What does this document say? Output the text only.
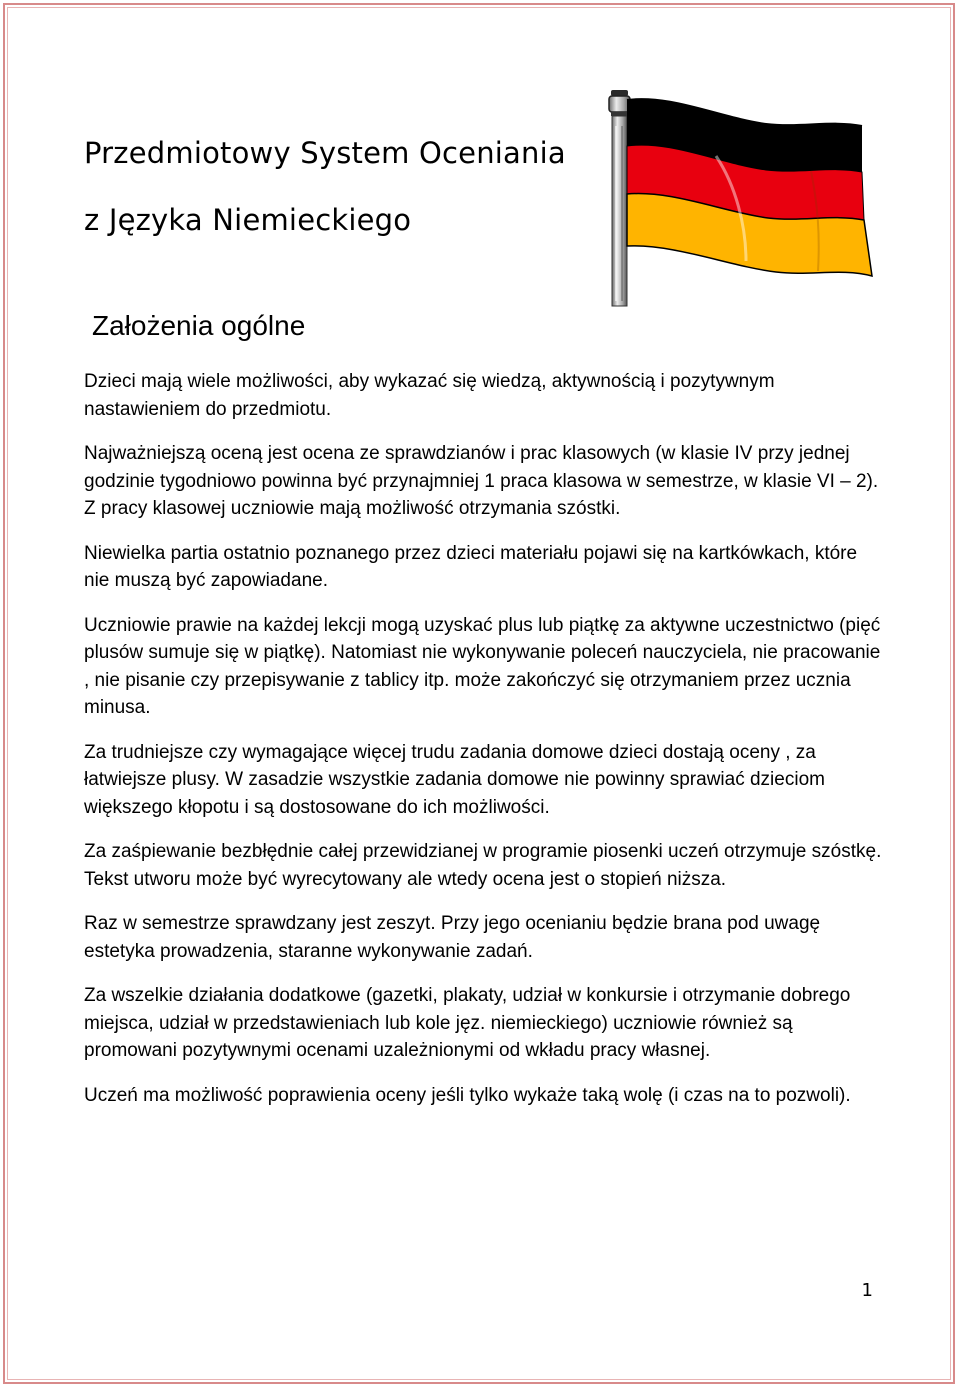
Przedmiotowy System Oceniania
z Języka Niemieckiego
Założenia ogólne

Dzieci mają wiele możliwości, aby wykazać się wiedzą, aktywnością i pozytywnym nastawieniem do przedmiotu.

Najważniejszą oceną jest ocena ze sprawdzianów i prac klasowych (w klasie IV przy jednej godzinie tygodniowo powinna być przynajmniej 1 praca klasowa w semestrze, w klasie VI – 2). Z pracy klasowej uczniowie mają możliwość otrzymania szóstki.

Niewielka partia ostatnio poznanego przez dzieci materiału pojawi się na kartkówkach, które nie muszą być zapowiadane.

Uczniowie prawie na każdej lekcji mogą uzyskać plus lub piątkę za aktywne uczestnictwo (pięć plusów sumuje się w piątkę). Natomiast nie wykonywanie poleceń nauczyciela, nie pracowanie , nie pisanie czy przepisywanie z tablicy itp. może zakończyć się otrzymaniem przez ucznia minusa.

Za trudniejsze czy wymagające więcej trudu zadania domowe dzieci dostają oceny , za łatwiejsze plusy. W zasadzie wszystkie zadania domowe nie powinny sprawiać dzieciom większego kłopotu i są dostosowane do ich możliwości.

Za zaśpiewanie bezbłędnie całej przewidzianej w programie piosenki uczeń otrzymuje szóstkę. Tekst utworu może być wyrecytowany ale wtedy ocena jest o stopień niższa.

Raz w semestrze sprawdzany jest zeszyt. Przy jego ocenianiu będzie brana pod uwagę estetyka prowadzenia, staranne wykonywanie zadań.

Za wszelkie działania dodatkowe (gazetki, plakaty, udział w konkursie i otrzymanie dobrego miejsca, udział w przedstawieniach lub kole jęz. niemieckiego) uczniowie również są promowani pozytywnymi ocenami uzależnionymi od wkładu pracy własnej.

Uczeń ma możliwość poprawienia oceny jeśli tylko wykaże taką wolę (i czas na to pozwoli).

1
